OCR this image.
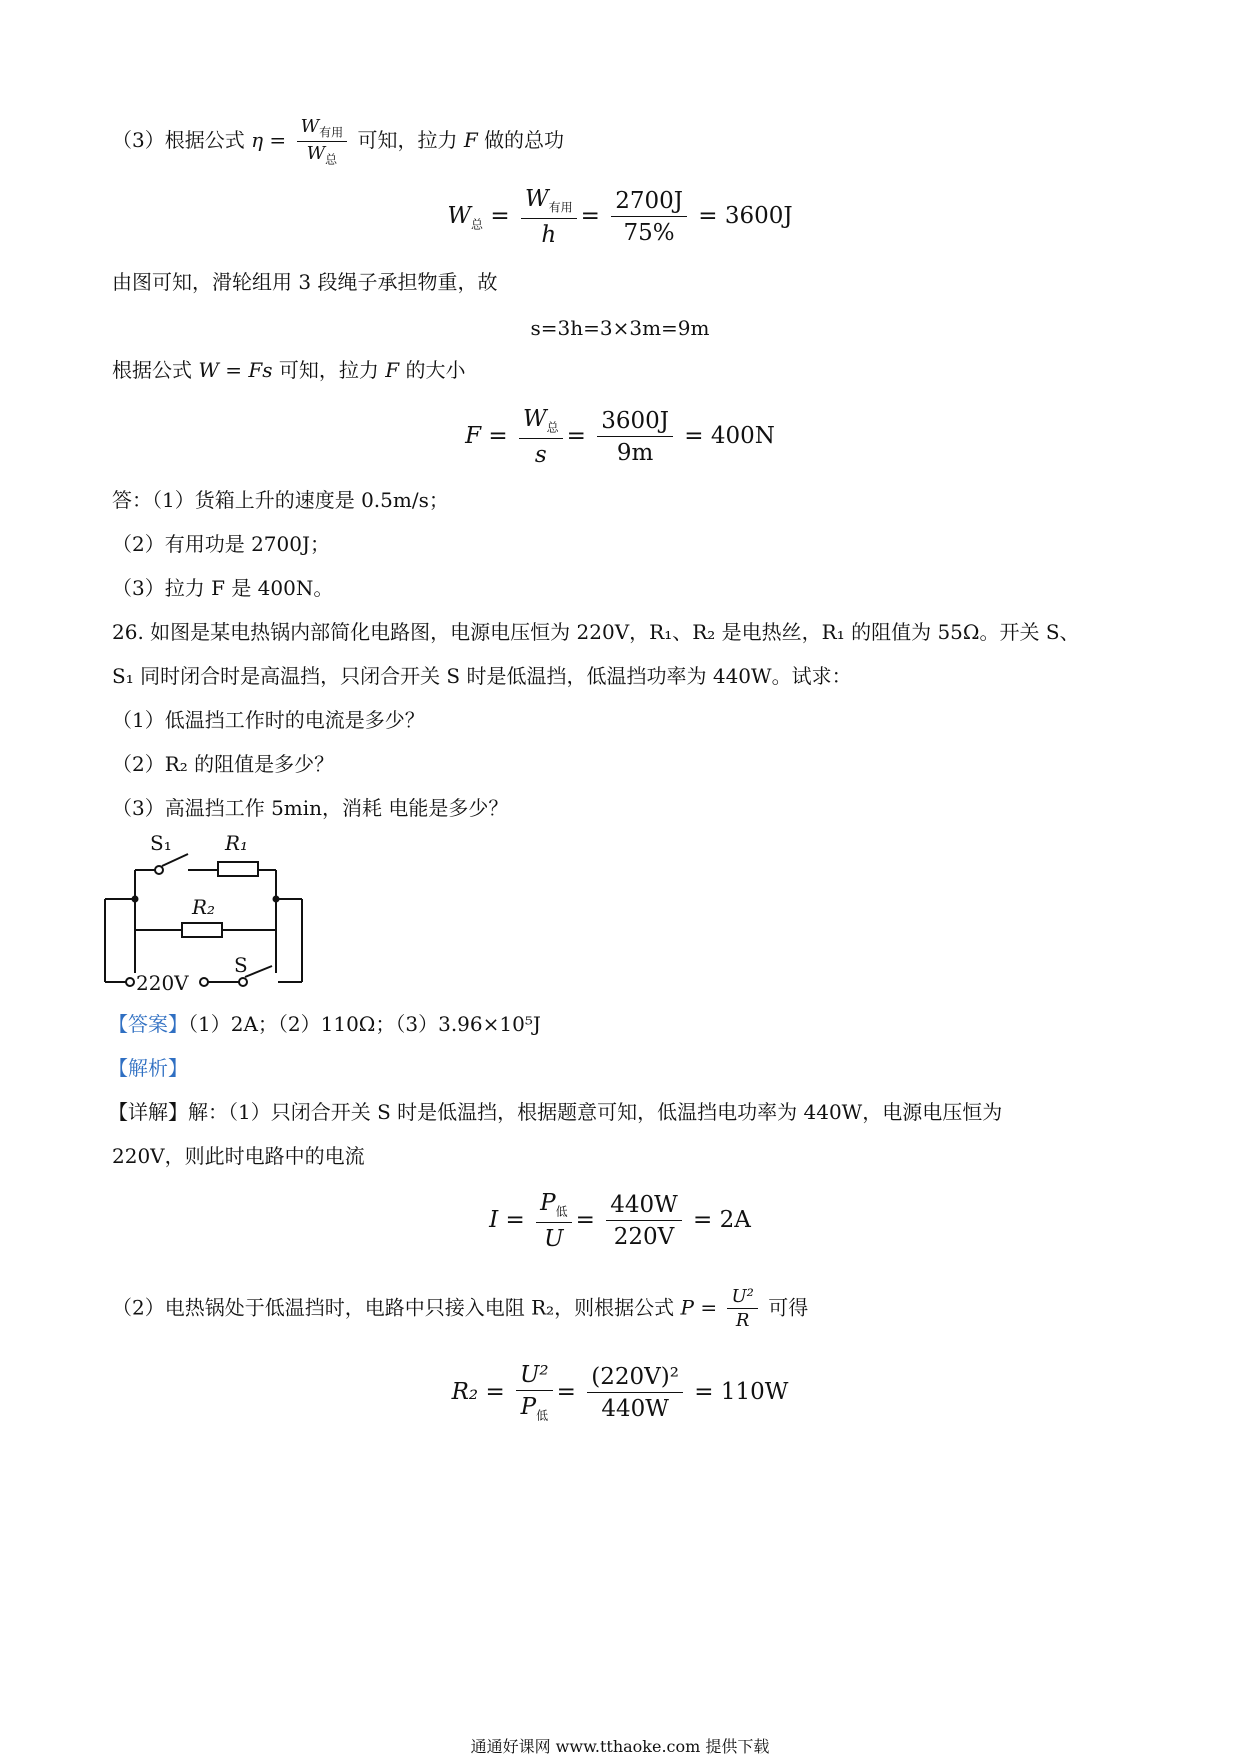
（3）根据公式 $\eta = \frac{W_{有用}}{W_总}$ 可知，拉力 F 做的总功
$W_总 = \frac{W_{有用}}{h} = \frac{2700J}{75\%} = 3600J$
由图可知，滑轮组用 3 段绳子承担物重，故
s=3h=3×3m=9m
根据公式 W = Fs 可知，拉力 F 的大小
$F = \frac{W_总}{s} = \frac{3600J}{9m} = 400N$
答：（1）货箱上升的速度是 0.5m/s；
（2）有用功是 2700J；
（3）拉力 F 是 400N。
26. 如图是某电热锅内部简化电路图，电源电压恒为 220V，R₁、R₂ 是电热丝，R₁ 的阻值为 55Ω。开关 S、
S₁ 同时闭合时是高温挡，只闭合开关 S 时是低温挡，低温挡功率为 440W。试求：
（1）低温挡工作时的电流是多少？
（2）R₂ 的阻值是多少？
（3）高温挡工作 5min，消耗 电能是多少？
S₁	R₁
R₂
220V
S
【答案】（1）2A；（2）110Ω；（3）3.96×10⁵J
【解析】
【详解】解：（1）只闭合开关 S 时是低温挡，根据题意可知，低温挡电功率为 440W，电源电压恒为
220V，则此时电路中的电流
$I = \frac{P_低}{U} = \frac{440W}{220V} = 2A$
（2）电热锅处于低温挡时，电路中只接入电阻 R₂，则根据公式 $P = \frac{\text{U²}}{R}$ 可得
$R_2 = \frac{\text{U²}}{P_低} = \frac{\text{(220V)²}}{440W} = 110W$
通通好课网 www.tthaoke.com 提供下载
